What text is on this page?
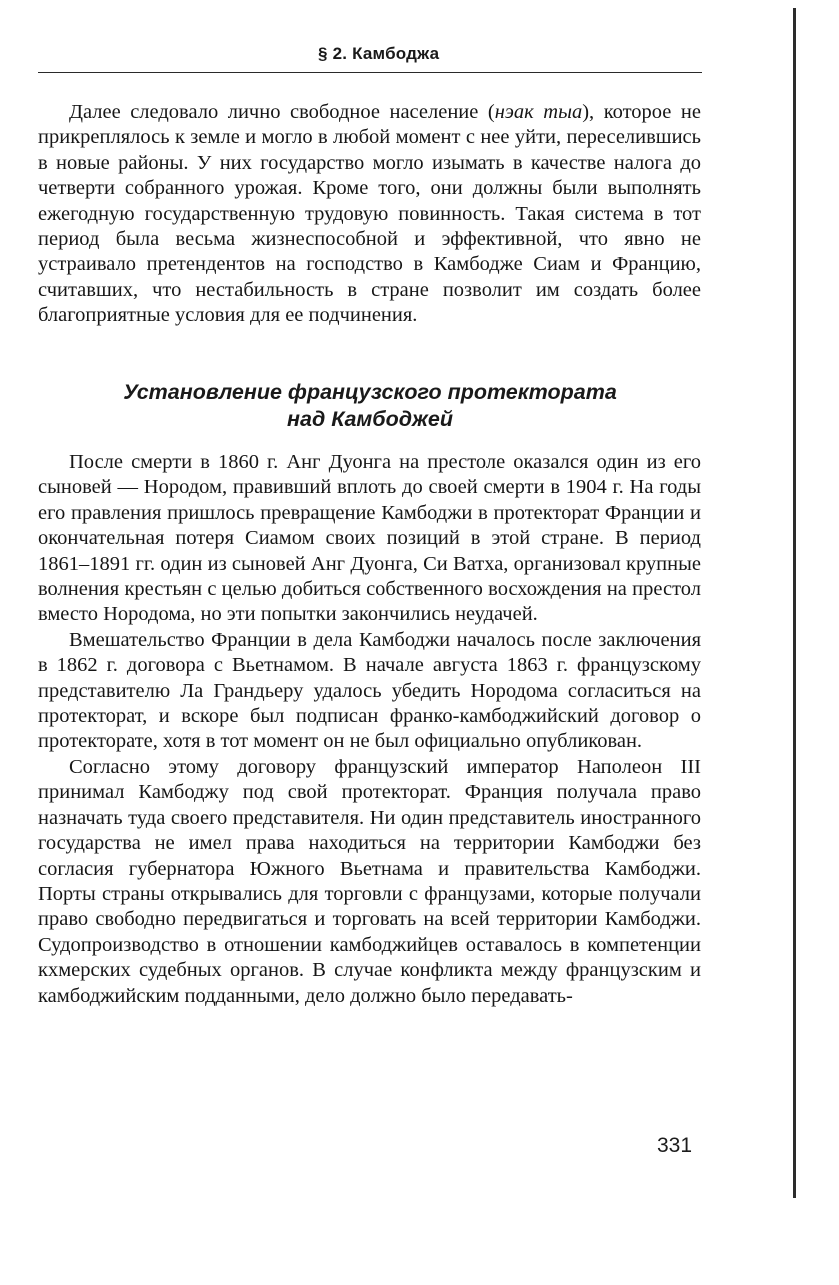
§ 2. Камбоджа

Далее следовало лично свободное население (нэак тыа), которое не прикреплялось к земле и могло в любой момент с нее уйти, переселившись в новые районы. У них государство могло изымать в качестве налога до четверти собранного урожая. Кроме того, они должны были выполнять ежегодную государственную трудовую повинность. Такая система в тот период была весьма жизнеспособной и эффективной, что явно не устраивало претендентов на господство в Камбодже Сиам и Францию, считавших, что нестабильность в стране позволит им создать более благоприятные условия для ее подчинения.

Установление французского протектората
над Камбоджей

После смерти в 1860 г. Анг Дуонга на престоле оказался один из его сыновей — Нородом, правивший вплоть до своей смерти в 1904 г. На годы его правления пришлось превращение Камбоджи в протекторат Франции и окончательная потеря Сиамом своих позиций в этой стране. В период 1861–1891 гг. один из сыновей Анг Дуонга, Си Ватха, организовал крупные волнения крестьян с целью добиться собственного восхождения на престол вместо Нородома, но эти попытки закончились неудачей.

Вмешательство Франции в дела Камбоджи началось после заключения в 1862 г. договора с Вьетнамом. В начале августа 1863 г. французскому представителю Ла Грандьеру удалось убедить Нородома согласиться на протекторат, и вскоре был подписан франко-камбоджийский договор о протекторате, хотя в тот момент он не был официально опубликован.

Согласно этому договору французский император Наполеон III принимал Камбоджу под свой протекторат. Франция получала право назначать туда своего представителя. Ни один представитель иностранного государства не имел права находиться на территории Камбоджи без согласия губернатора Южного Вьетнама и правительства Камбоджи. Порты страны открывались для торговли с французами, которые получали право свободно передвигаться и торговать на всей территории Камбоджи. Судопроизводство в отношении камбоджийцев оставалось в компетенции кхмерских судебных органов. В случае конфликта между французским и камбоджийским подданными, дело должно было передавать-

331
